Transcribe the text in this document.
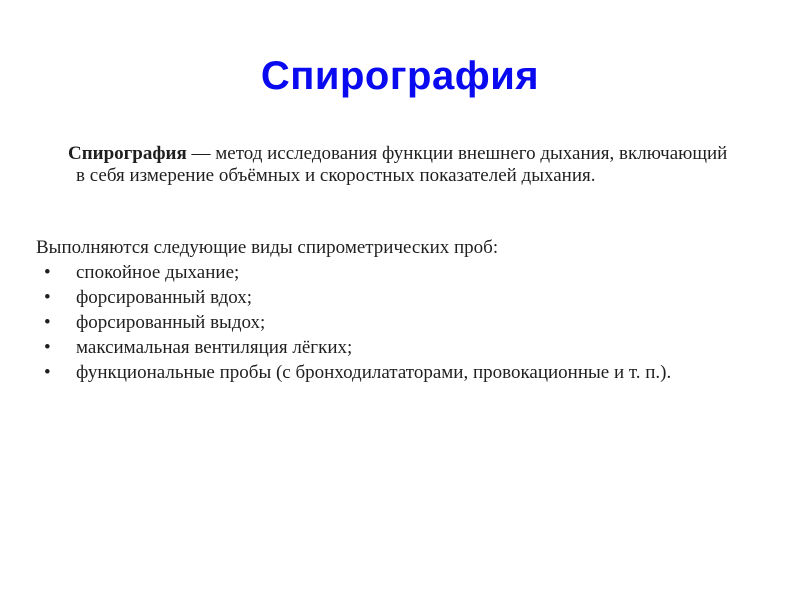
Спирография
Спирография — метод исследования функции внешнего дыхания, включающий в себя измерение объёмных и скоростных показателей дыхания.
Выполняются следующие виды спирометрических проб:
•	спокойное дыхание;
•	форсированный вдох;
•	форсированный выдох;
•	максимальная вентиляция лёгких;
•	функциональные пробы (с бронходилататорами, провокационные и т. п.).
